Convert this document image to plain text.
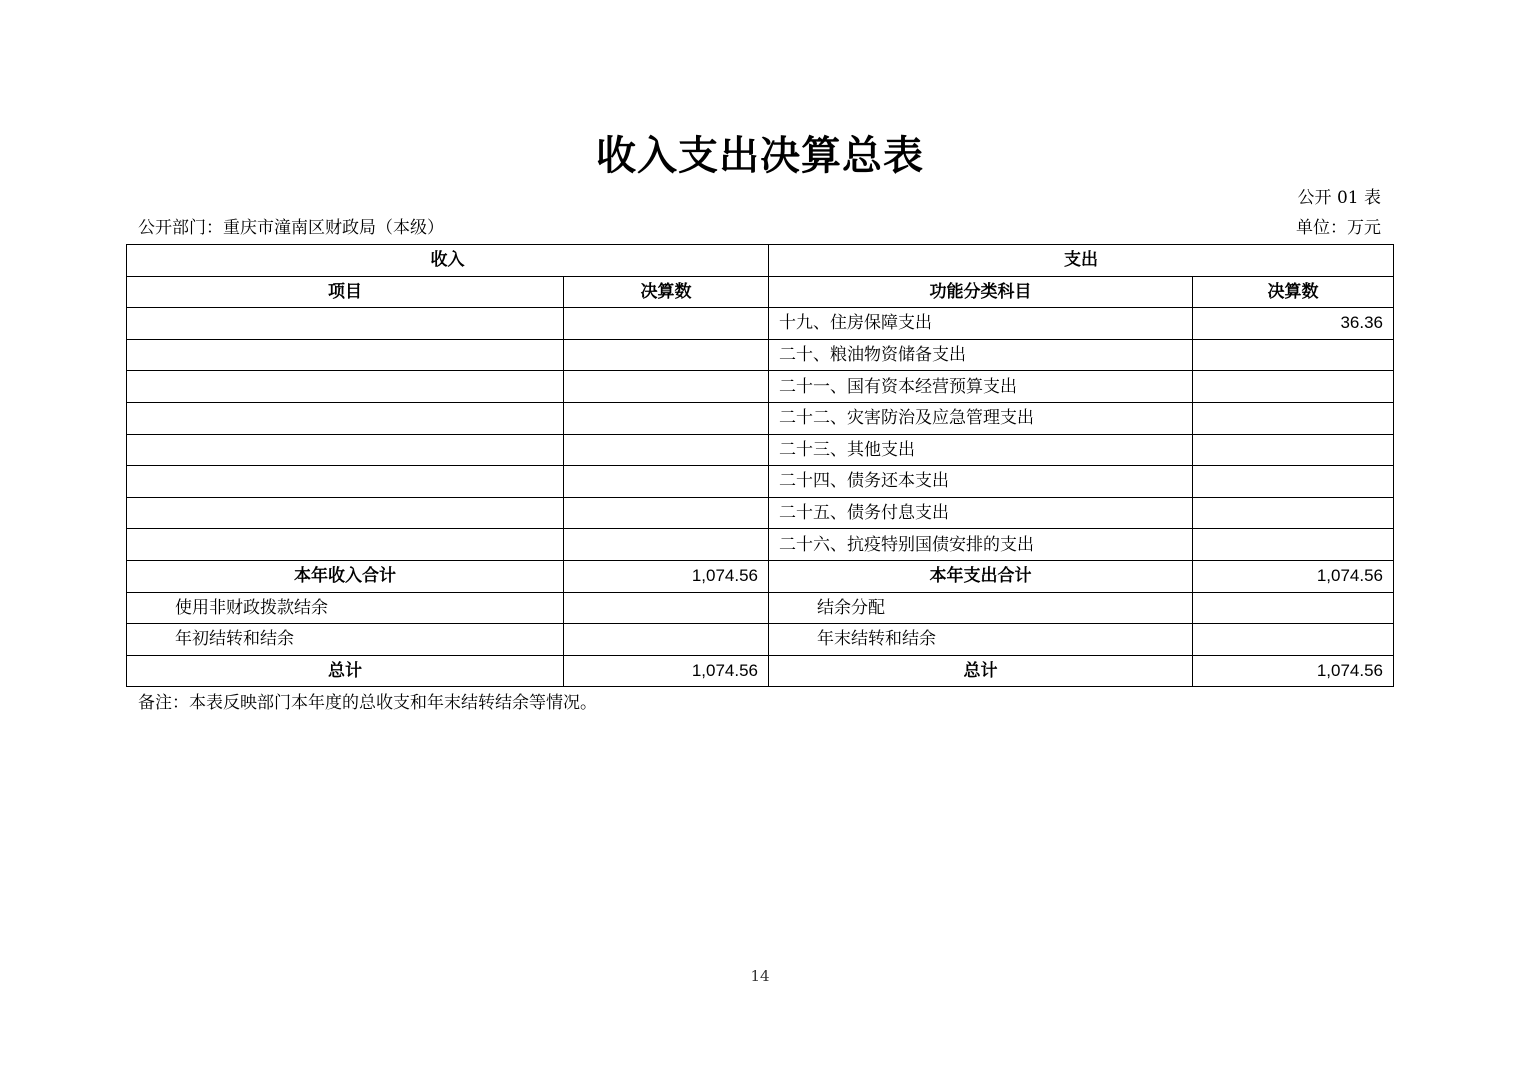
收入支出决算总表
公开 01 表
公开部门：重庆市潼南区财政局（本级）	单位：万元
收入		支出	
项目	决算数	功能分类科目	决算数
		十九、住房保障支出	36.36
		二十、粮油物资储备支出	
		二十一、国有资本经营预算支出	
		二十二、灾害防治及应急管理支出	
		二十三、其他支出	
		二十四、债务还本支出	
		二十五、债务付息支出	
		二十六、抗疫特别国债安排的支出	
本年收入合计	1,074.56	本年支出合计	1,074.56
使用非财政拨款结余		结余分配	
年初结转和结余		年末结转和结余	
总计	1,074.56	总计	1,074.56
备注：本表反映部门本年度的总收支和年末结转结余等情况。
14
